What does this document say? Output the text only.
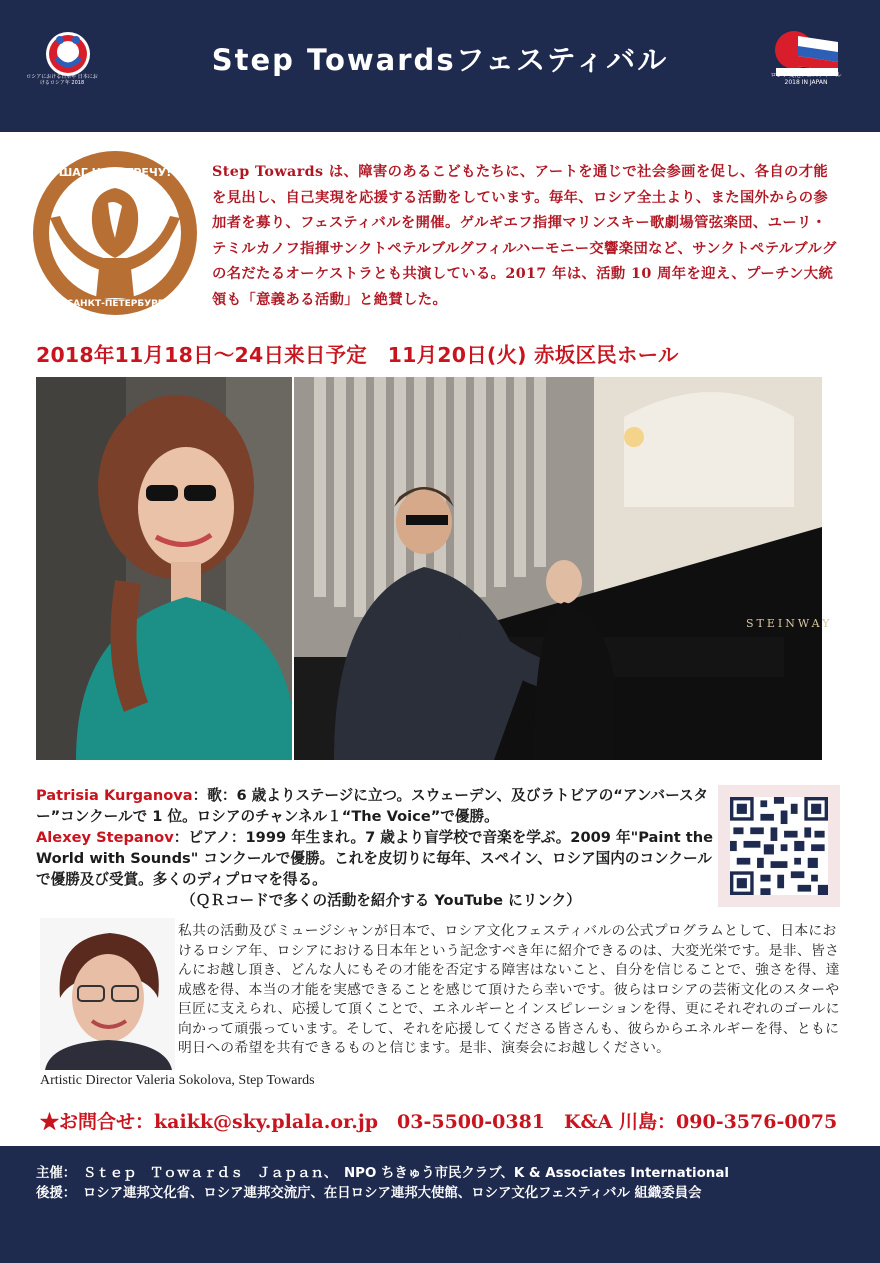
ロシアにおける日本年 日本におけるロシア年 2018
Step Towardsフェスティバル	ロシア文化フェスティバル 2018 IN JAPAN
ШАГ НАВСТРЕЧУ!
САНКТ-ПЕТЕРБУРГ
Step Towards は、障害のあるこどもたちに、アートを通じで社会参画を促し、各自の才能を見出し、自己実現を応援する活動をしています。毎年、ロシア全土より、また国外からの参加者を募り、フェスティバルを開催。ゲルギエフ指揮マリンスキー歌劇場管弦楽団、ユーリ・テミルカノフ指揮サンクトペテルブルグフィルハーモニー交響楽団など、サンクトペテルブルグの名だたるオーケストラとも共演している。2017 年は、活動 10 周年を迎え、プーチン大統領も「意義ある活動」と絶賛した。
2018年11月18日〜24日来日予定　11月20日(火) 赤坂区民ホール
STEINWAY
Patrisia Kurganova：歌：6 歳よりステージに立つ。スウェーデン、及びラトビアの“アンバースター”コンクールで 1 位。ロシアのチャンネル１“The Voice”で優勝。
Alexey Stepanov：ピアノ：1999 年生まれ。7 歳より盲学校で音楽を学ぶ。2009 年"Paint the World with Sounds" コンクールで優勝。これを皮切りに毎年、スペイン、ロシア国内のコンクールで優勝及び受賞。多くのディプロマを得る。
（ＱＲコードで多くの活動を紹介する YouTube にリンク）
私共の活動及びミュージシャンが日本で、ロシア文化フェスティバルの公式プログラムとして、日本におけるロシア年、ロシアにおける日本年という記念すべき年に紹介できるのは、大変光栄です。是非、皆さんにお越し頂き、どんな人にもその才能を否定する障害はないこと、自分を信じることで、強さを得、達成感を得、本当の才能を実感できることを感じて頂けたら幸いです。彼らはロシアの芸術文化のスターや巨匠に支えられ、応援して頂くことで、エネルギーとインスピレーションを得、更にそれぞれのゴールに向かって頑張っています。そして、それを応援してくださる皆さんも、彼らからエネルギーを得、ともに明日への希望を共有できるものと信じます。是非、演奏会にお越しください。
Artistic Director Valeria Sokolova, Step Towards
★お問合せ：kaikk@sky.plala.or.jp　03-5500-0381　K&A 川島：090-3576-0075
主催：　Ｓｔｅｐ　Ｔｏｗａｒｄｓ　Ｊａｐａｎ、　NPO ちきゅう市民クラブ、K & Associates International
後援：　ロシア連邦文化省、ロシア連邦交流庁、在日ロシア連邦大使館、ロシア文化フェスティバル 組織委員会
